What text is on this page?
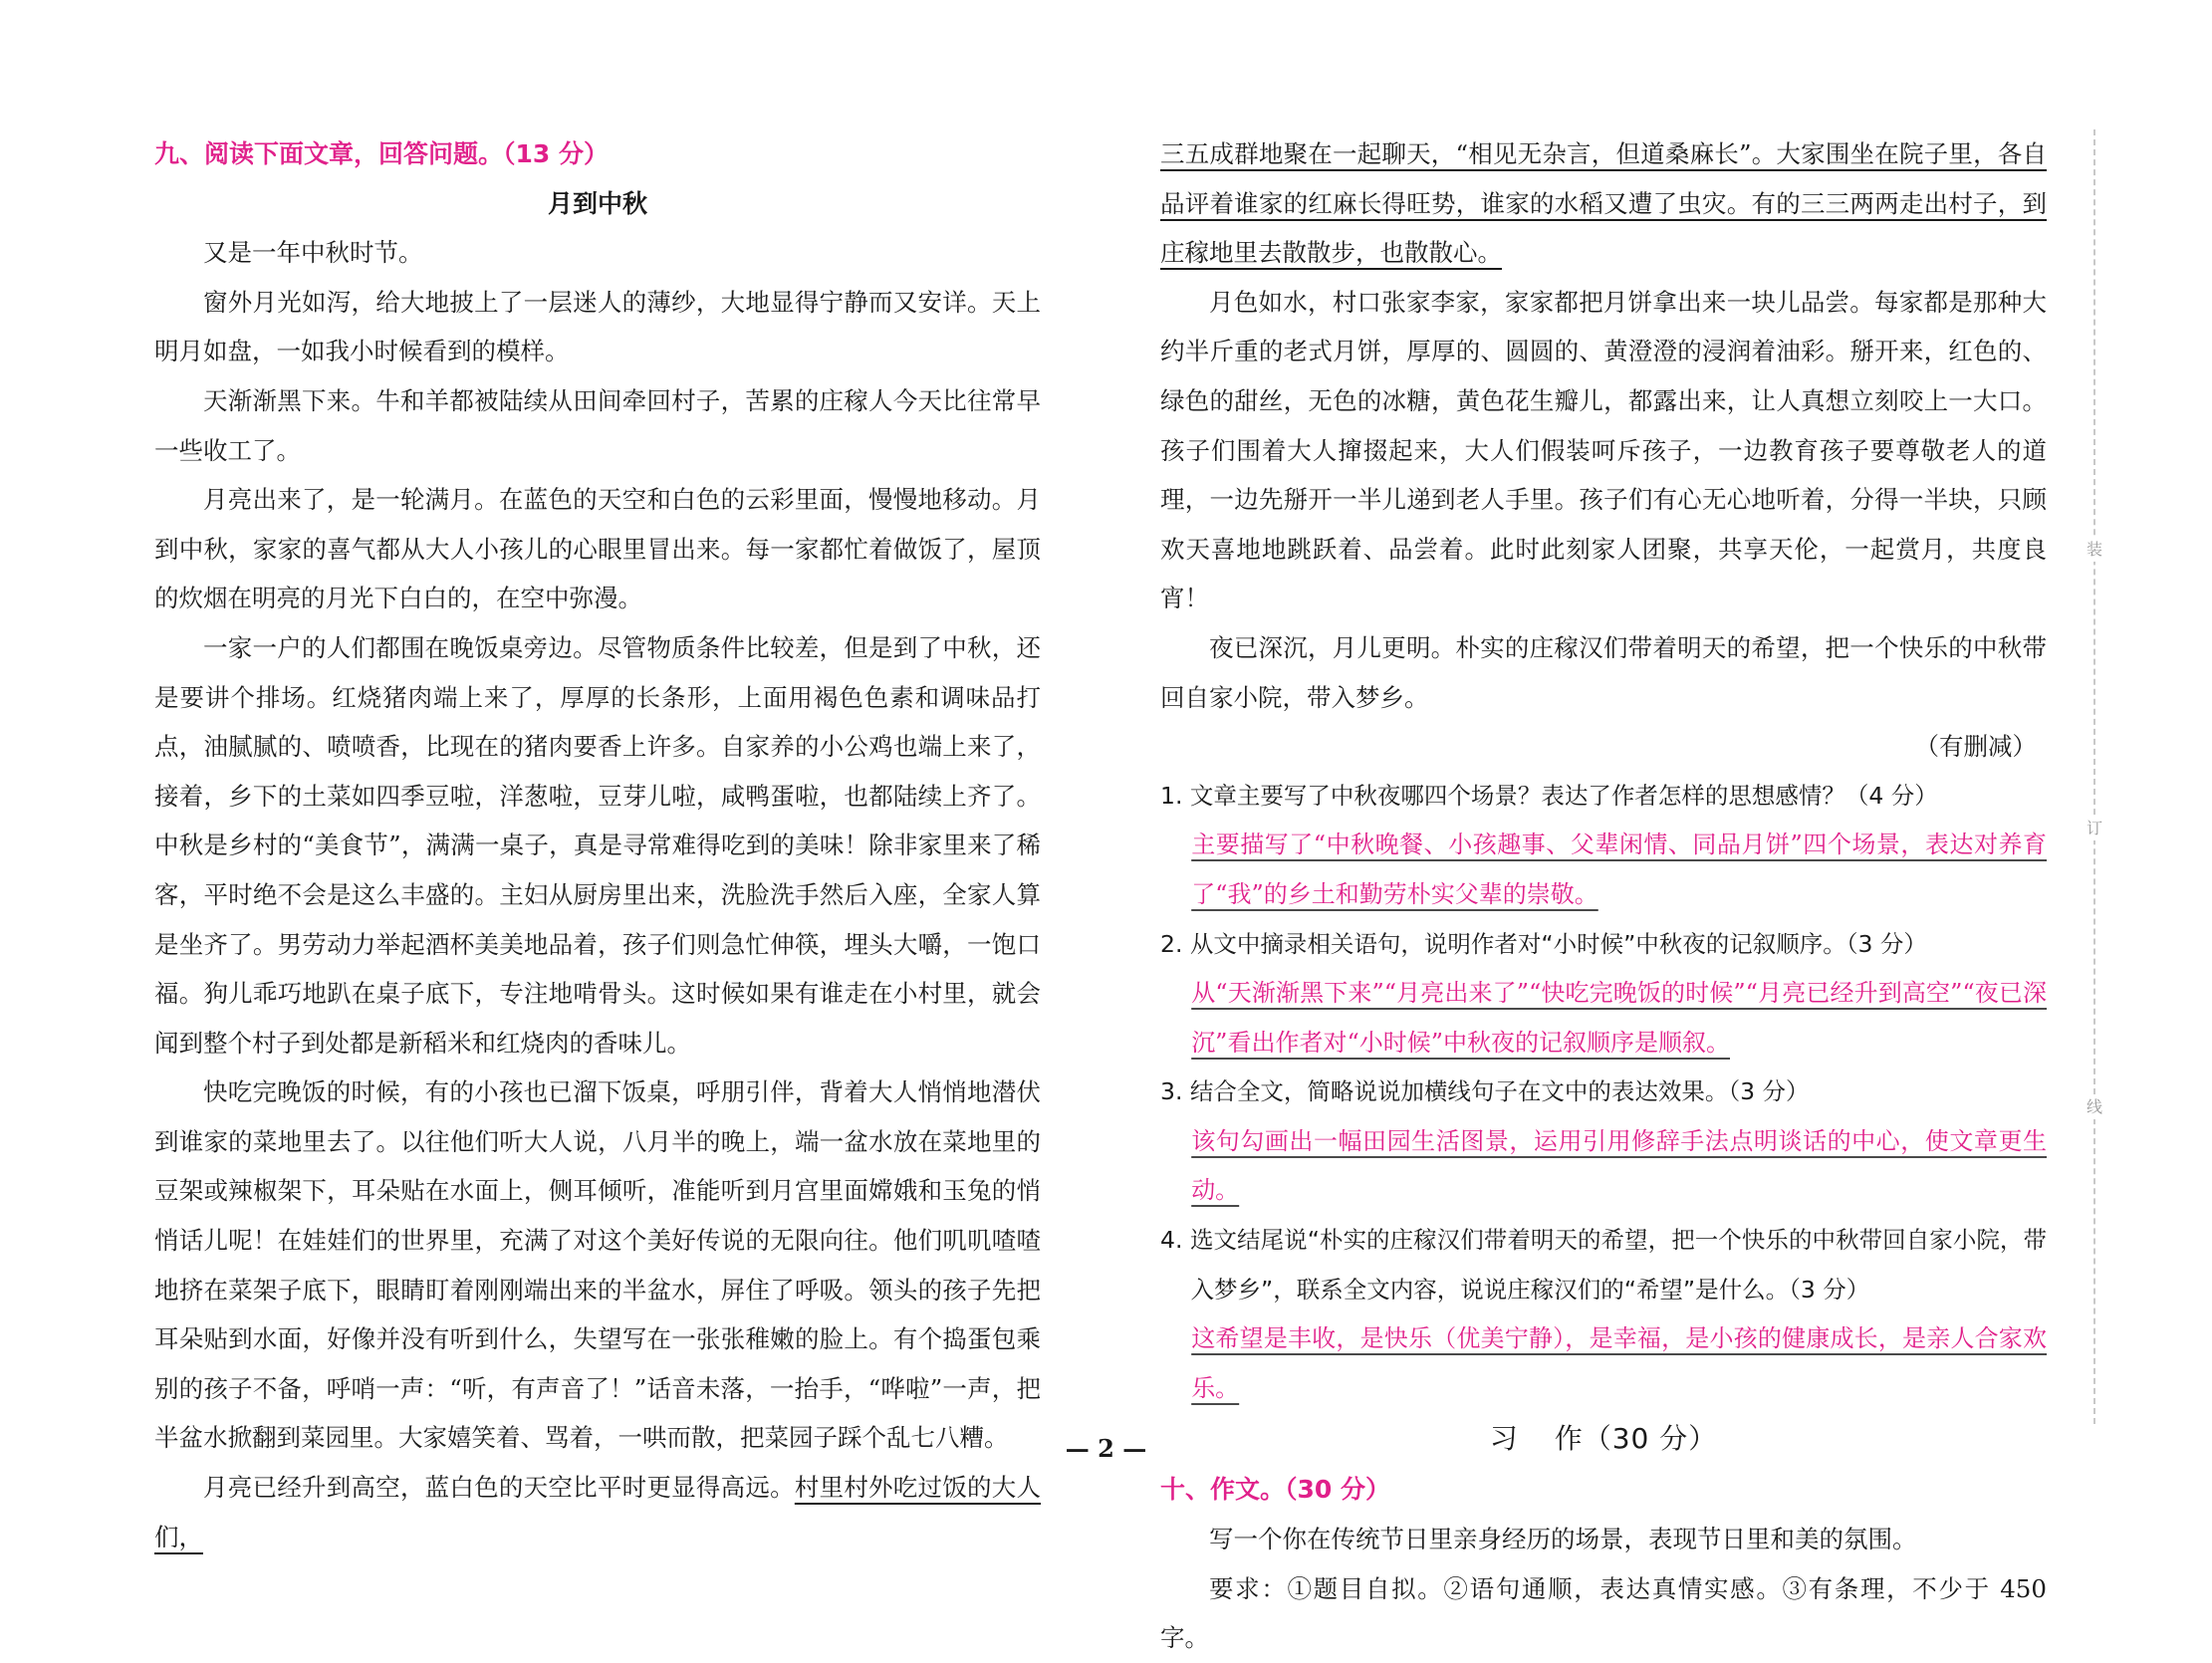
九、阅读下面文章，回答问题。（13 分）

月到中秋

又是一年中秋时节。

窗外月光如泻，给大地披上了一层迷人的薄纱，大地显得宁静而又安详。天上明月如盘，一如我小时候看到的模样。

天渐渐黑下来。牛和羊都被陆续从田间牵回村子，苦累的庄稼人今天比往常早一些收工了。

月亮出来了，是一轮满月。在蓝色的天空和白色的云彩里面，慢慢地移动。月到中秋，家家的喜气都从大人小孩儿的心眼里冒出来。每一家都忙着做饭了，屋顶的炊烟在明亮的月光下白白的，在空中弥漫。

一家一户的人们都围在晚饭桌旁边。尽管物质条件比较差，但是到了中秋，还是要讲个排场。红烧猪肉端上来了，厚厚的长条形，上面用褐色色素和调味品打点，油腻腻的、喷喷香，比现在的猪肉要香上许多。自家养的小公鸡也端上来了，接着，乡下的土菜如四季豆啦，洋葱啦，豆芽儿啦，咸鸭蛋啦，也都陆续上齐了。中秋是乡村的“美食节”，满满一桌子，真是寻常难得吃到的美味！除非家里来了稀客，平时绝不会是这么丰盛的。主妇从厨房里出来，洗脸洗手然后入座，全家人算是坐齐了。男劳动力举起酒杯美美地品着，孩子们则急忙伸筷，埋头大嚼，一饱口福。狗儿乖巧地趴在桌子底下，专注地啃骨头。这时候如果有谁走在小村里，就会闻到整个村子到处都是新稻米和红烧肉的香味儿。

快吃完晚饭的时候，有的小孩也已溜下饭桌，呼朋引伴，背着大人悄悄地潜伏到谁家的菜地里去了。以往他们听大人说，八月半的晚上，端一盆水放在菜地里的豆架或辣椒架下，耳朵贴在水面上，侧耳倾听，准能听到月宫里面嫦娥和玉兔的悄悄话儿呢！在娃娃们的世界里，充满了对这个美好传说的无限向往。他们叽叽喳喳地挤在菜架子底下，眼睛盯着刚刚端出来的半盆水，屏住了呼吸。领头的孩子先把耳朵贴到水面，好像并没有听到什么，失望写在一张张稚嫩的脸上。有个捣蛋包乘别的孩子不备，呼哨一声：“听，有声音了！”话音未落，一抬手，“哗啦”一声，把半盆水掀翻到菜园里。大家嬉笑着、骂着，一哄而散，把菜园子踩个乱七八糟。

月亮已经升到高空，蓝白色的天空比平时更显得高远。村里村外吃过饭的大人们，

三五成群地聚在一起聊天，“相见无杂言，但道桑麻长”。大家围坐在院子里，各自品评着谁家的红麻长得旺势，谁家的水稻又遭了虫灾。有的三三两两走出村子，到庄稼地里去散散步，也散散心。

月色如水，村口张家李家，家家都把月饼拿出来一块儿品尝。每家都是那种大约半斤重的老式月饼，厚厚的、圆圆的、黄澄澄的浸润着油彩。掰开来，红色的、绿色的甜丝，无色的冰糖，黄色花生瓣儿，都露出来，让人真想立刻咬上一大口。孩子们围着大人撺掇起来，大人们假装呵斥孩子，一边教育孩子要尊敬老人的道理，一边先掰开一半儿递到老人手里。孩子们有心无心地听着，分得一半块，只顾欢天喜地地跳跃着、品尝着。此时此刻家人团聚，共享天伦，一起赏月，共度良宵！

夜已深沉，月儿更明。朴实的庄稼汉们带着明天的希望，把一个快乐的中秋带回自家小院，带入梦乡。

（有删减）

1. 文章主要写了中秋夜哪四个场景？表达了作者怎样的思想感情？（4 分）

主要描写了“中秋晚餐、小孩趣事、父辈闲情、同品月饼”四个场景，表达对养育了“我”的乡土和勤劳朴实父辈的崇敬。

2. 从文中摘录相关语句，说明作者对“小时候”中秋夜的记叙顺序。（3 分）

从“天渐渐黑下来”“月亮出来了”“快吃完晚饭的时候”“月亮已经升到高空”“夜已深沉”看出作者对“小时候”中秋夜的记叙顺序是顺叙。

3. 结合全文，简略说说加横线句子在文中的表达效果。（3 分）

该句勾画出一幅田园生活图景，运用引用修辞手法点明谈话的中心，使文章更生动。

4. 选文结尾说“朴实的庄稼汉们带着明天的希望，把一个快乐的中秋带回自家小院，带入梦乡”，联系全文内容，说说庄稼汉们的“希望”是什么。（3 分）

这希望是丰收，是快乐（优美宁静），是幸福，是小孩的健康成长，是亲人合家欢乐。

习 作（30 分）

十、作文。（30 分）

写一个你在传统节日里亲身经历的场景，表现节日里和美的氛围。

要求：①题目自拟。②语句通顺，表达真情实感。③有条理，不少于 450 字。

装
订
线
— 2 —
